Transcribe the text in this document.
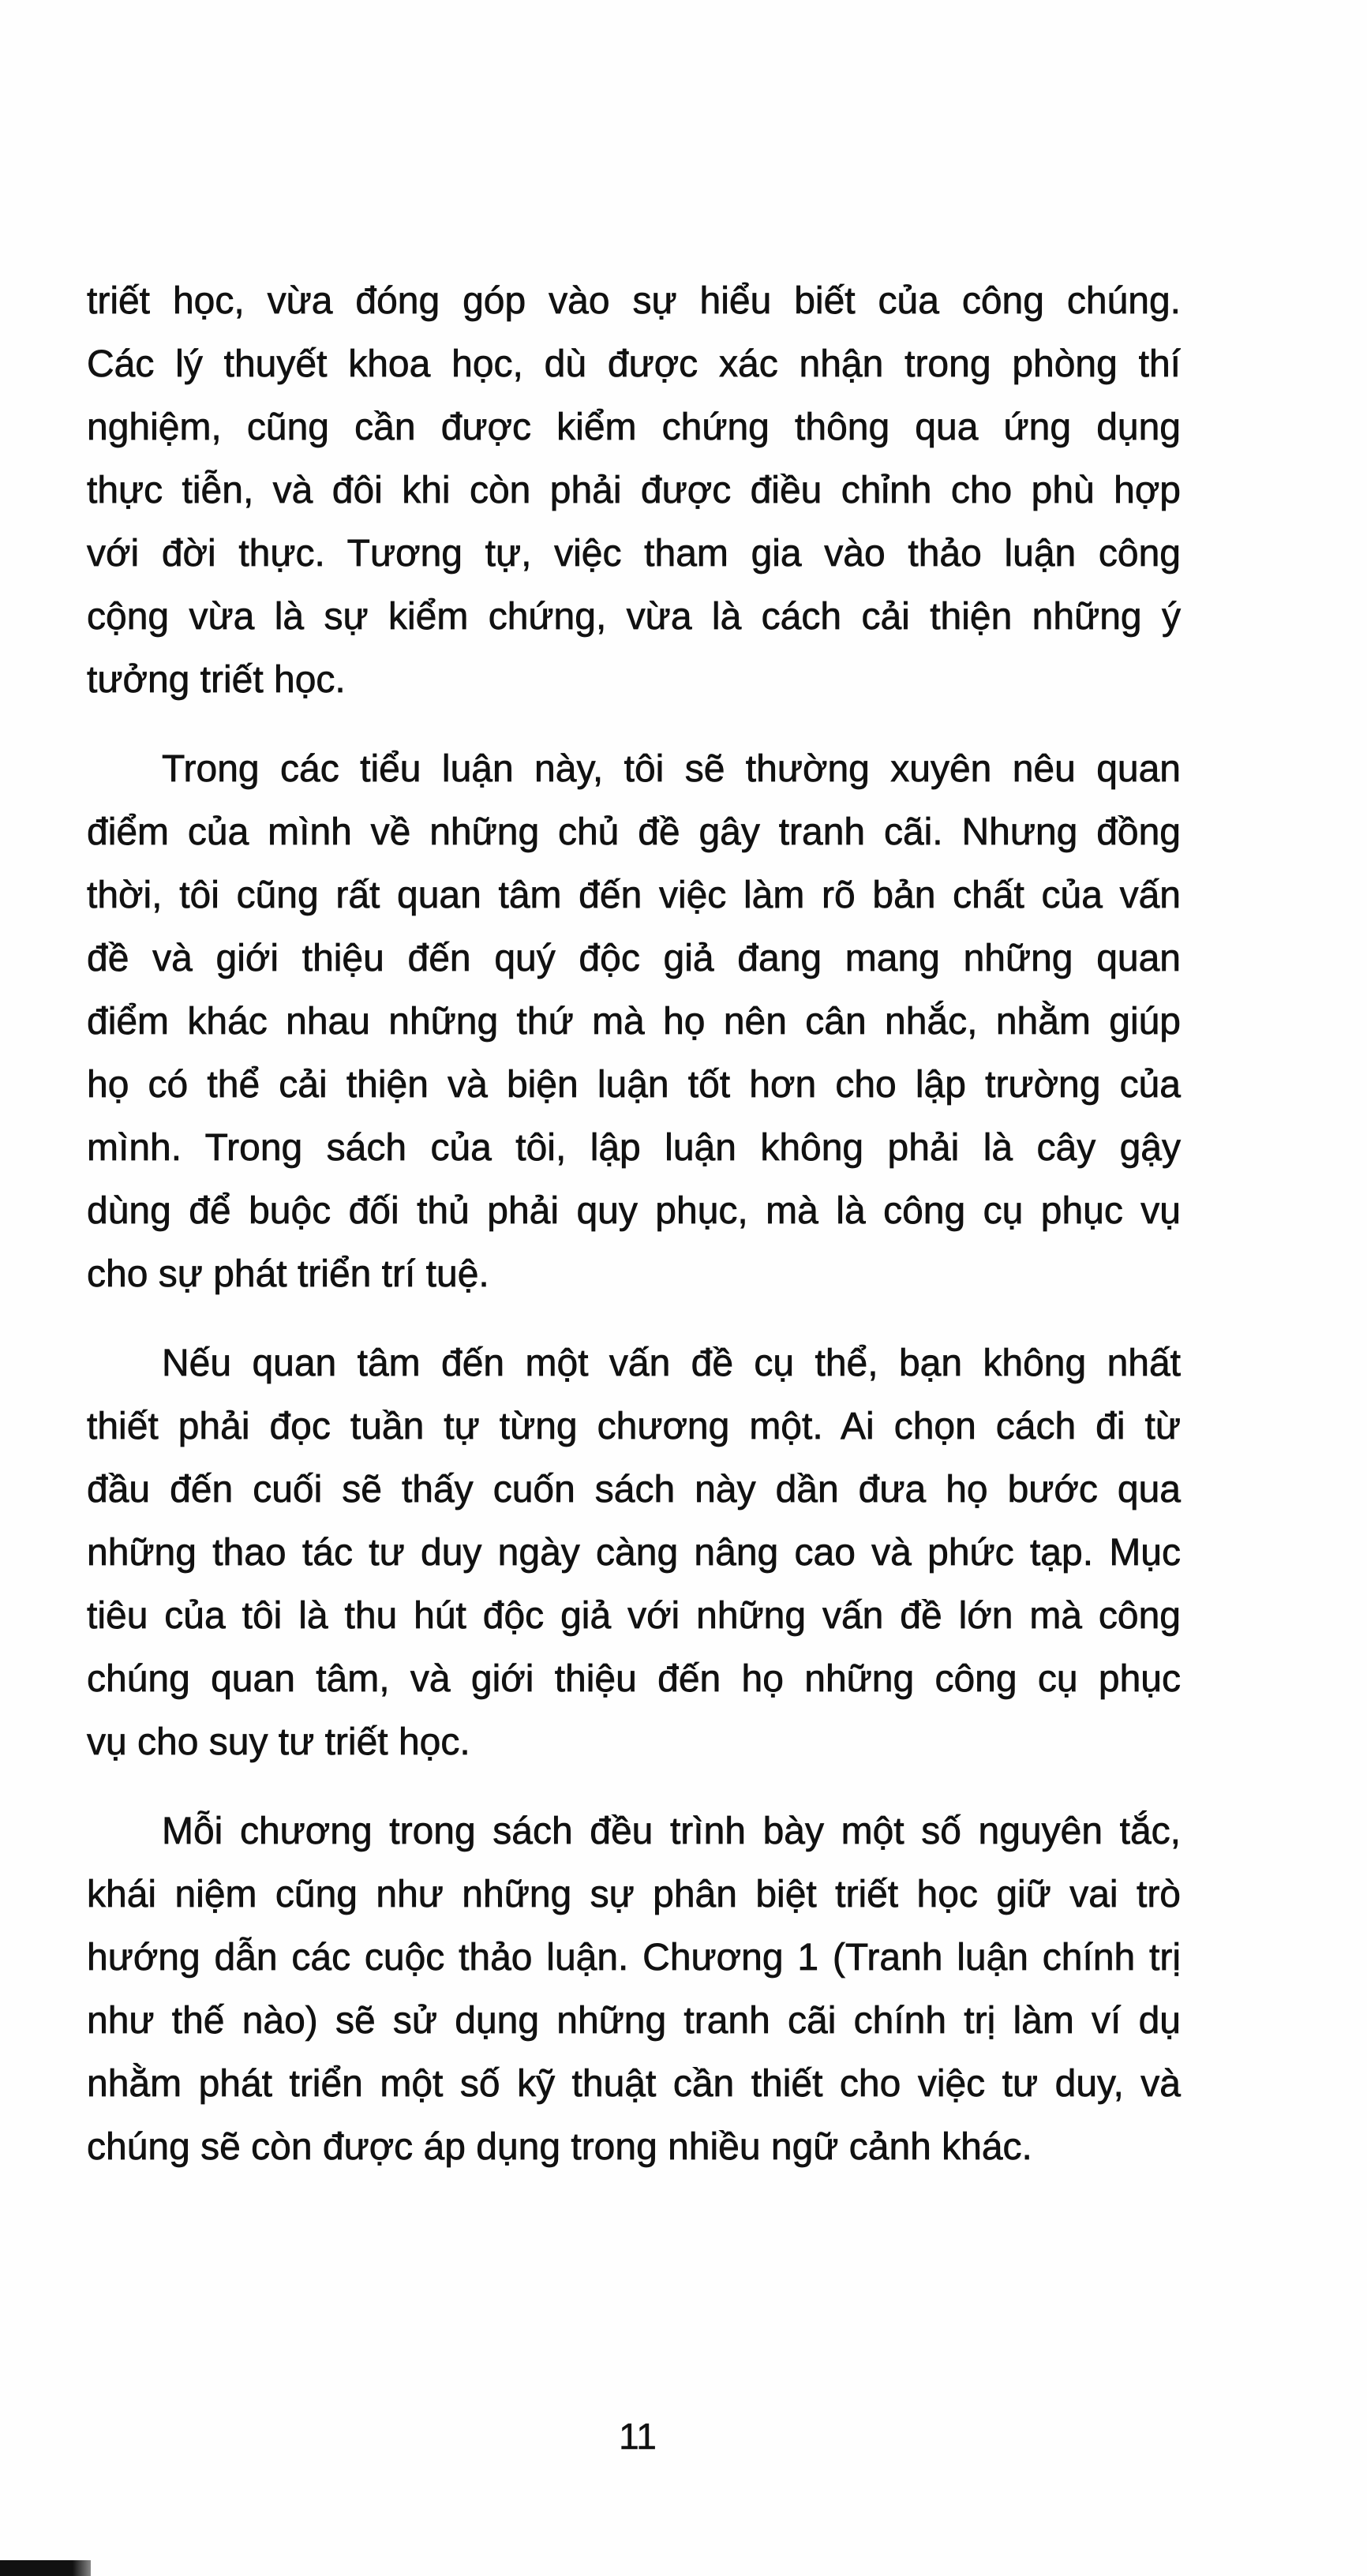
triết học, vừa đóng góp vào sự hiểu biết của công chúng.
Các lý thuyết khoa học, dù được xác nhận trong phòng thí
nghiệm, cũng cần được kiểm chứng thông qua ứng dụng
thực tiễn, và đôi khi còn phải được điều chỉnh cho phù hợp
với đời thực. Tương tự, việc tham gia vào thảo luận công
cộng vừa là sự kiểm chứng, vừa là cách cải thiện những ý
tưởng triết học.
Trong các tiểu luận này, tôi sẽ thường xuyên nêu quan
điểm của mình về những chủ đề gây tranh cãi. Nhưng đồng
thời, tôi cũng rất quan tâm đến việc làm rõ bản chất của vấn
đề và giới thiệu đến quý độc giả đang mang những quan
điểm khác nhau những thứ mà họ nên cân nhắc, nhằm giúp
họ có thể cải thiện và biện luận tốt hơn cho lập trường của
mình. Trong sách của tôi, lập luận không phải là cây gậy
dùng để buộc đối thủ phải quy phục, mà là công cụ phục vụ
cho sự phát triển trí tuệ.
Nếu quan tâm đến một vấn đề cụ thể, bạn không nhất
thiết phải đọc tuần tự từng chương một. Ai chọn cách đi từ
đầu đến cuối sẽ thấy cuốn sách này dần đưa họ bước qua
những thao tác tư duy ngày càng nâng cao và phức tạp. Mục
tiêu của tôi là thu hút độc giả với những vấn đề lớn mà công
chúng quan tâm, và giới thiệu đến họ những công cụ phục
vụ cho suy tư triết học.
Mỗi chương trong sách đều trình bày một số nguyên tắc,
khái niệm cũng như những sự phân biệt triết học giữ vai trò
hướng dẫn các cuộc thảo luận. Chương 1 (Tranh luận chính trị
như thế nào) sẽ sử dụng những tranh cãi chính trị làm ví dụ
nhằm phát triển một số kỹ thuật cần thiết cho việc tư duy, và
chúng sẽ còn được áp dụng trong nhiều ngữ cảnh khác.
11
